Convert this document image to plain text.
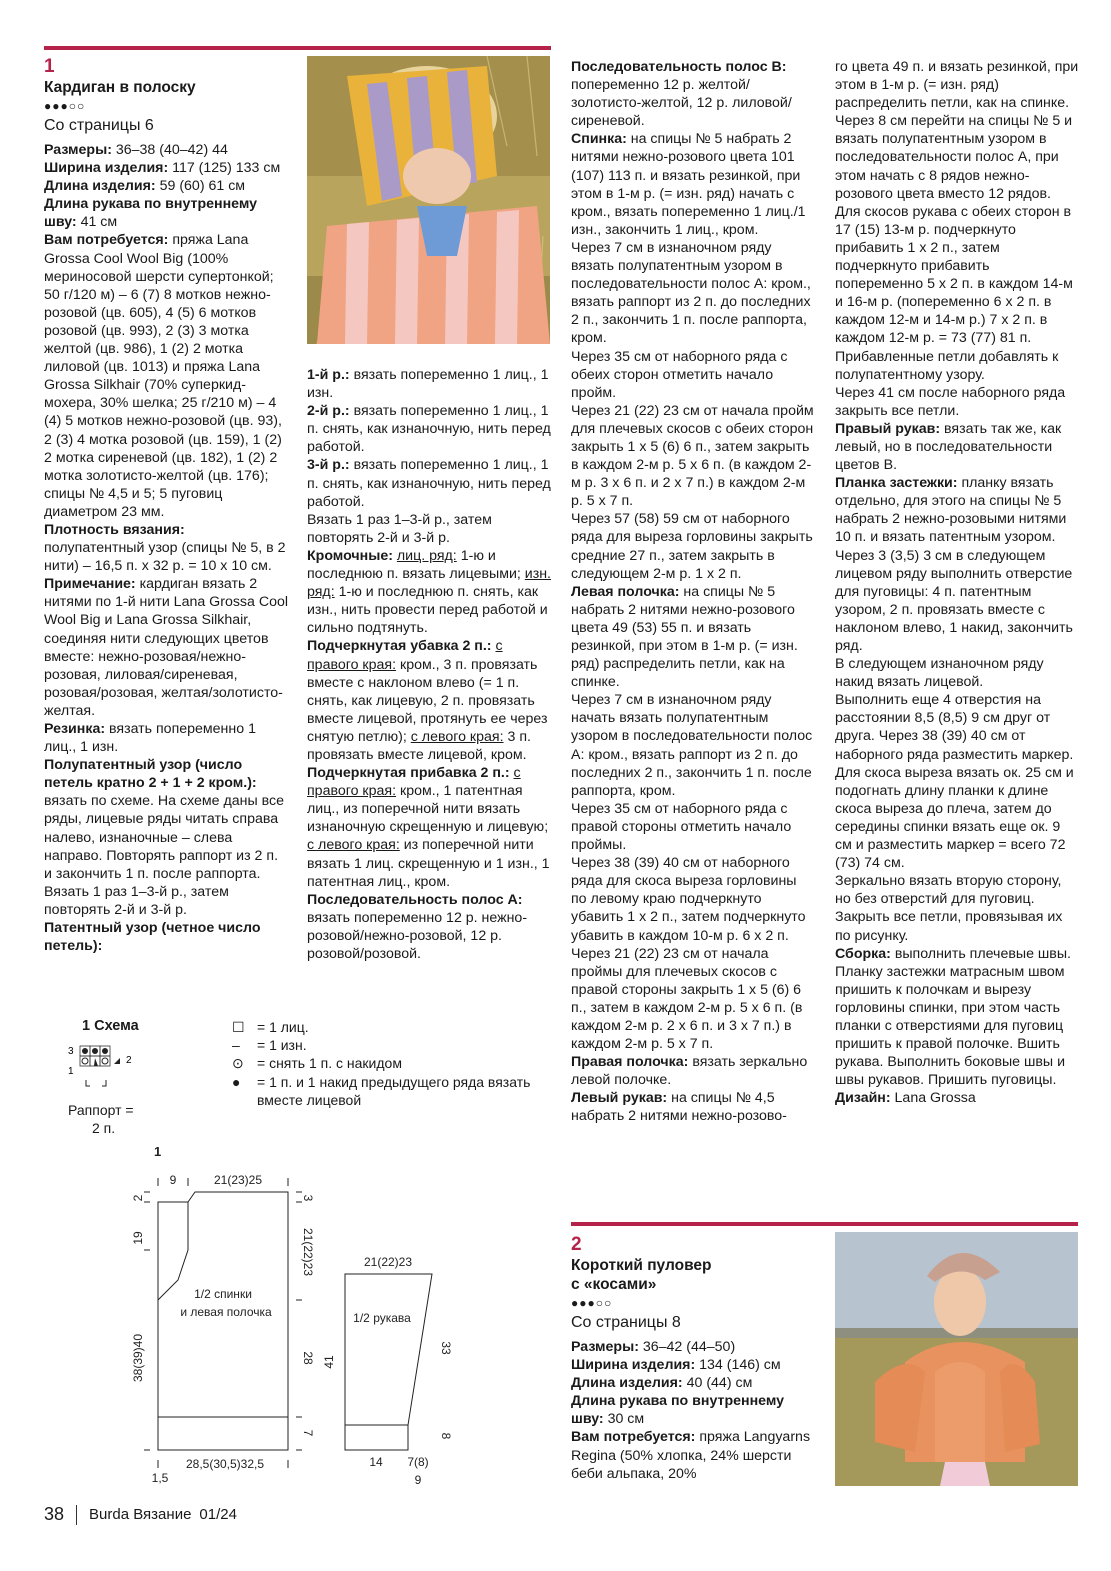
1

Кардиган в полоску

●●●○○

Со страницы 6

Размеры: 36–38 (40–42) 44

Ширина изделия: 117 (125) 133 см

Длина изделия: 59 (60) 61 см

Длина рукава по внутреннему шву: 41 см

Вам потребуется: пряжа Lana Grossa Cool Wool Big (100% мериносовой шерсти супертонкой; 50 г/120 м) – 6 (7) 8 мотков нежно-розовой (цв. 605), 4 (5) 6 мотков розовой (цв. 993), 2 (3) 3 мотка желтой (цв. 986), 1 (2) 2 мотка лиловой (цв. 1013) и пряжа Lana Grossa Silkhair (70% суперкид-мохера, 30% шелка; 25 г/210 м) – 4 (4) 5 мотков нежно-розовой (цв. 93), 2 (3) 4 мотка розовой (цв. 159), 1 (2) 2 мотка сиреневой (цв. 182), 1 (2) 2 мотка золотисто-желтой (цв. 176); спицы № 4,5 и 5; 5 пуговиц диаметром 23 мм.

Плотность вязания: полупатентный узор (спицы № 5, в 2 нити) – 16,5 п. х 32 р. = 10 х 10 см.

Примечание: кардиган вязать 2 нитями по 1-й нити Lana Grossa Cool Wool Big и Lana Grossa Silkhair, соединяя нити следующих цветов вместе: нежно-розовая/нежно-розовая, лиловая/сиреневая, розовая/розовая, желтая/золотисто-желтая.

Резинка: вязать попеременно 1 лиц., 1 изн.

Полупатентный узор (число петель кратно 2 + 1 + 2 кром.): вязать по схеме. На схеме даны все ряды, лицевые ряды читать справа налево, изнаночные – слева направо. Повторять раппорт из 2 п. и закончить 1 п. после раппорта. Вязать 1 раз 1–3-й р., затем повторять 2-й и 3-й р.

Патентный узор (четное число петель):

1-й р.: вязать попеременно 1 лиц., 1 изн.

2-й р.: вязать попеременно 1 лиц., 1 п. снять, как изнаночную, нить перед работой.

3-й р.: вязать попеременно 1 лиц., 1 п. снять, как изнаночную, нить перед работой.

Вязать 1 раз 1–3-й р., затем повторять 2-й и 3-й р.

Кромочные: лиц. ряд: 1-ю и последнюю п. вязать лицевыми; изн. ряд: 1-ю и последнюю п. снять, как изн., нить провести перед работой и сильно подтянуть.

Подчеркнутая убавка 2 п.: с правого края: кром., 3 п. провязать вместе с наклоном влево (= 1 п. снять, как лицевую, 2 п. провязать вместе лицевой, протянуть ее через снятую петлю); с левого края: 3 п. провязать вместе лицевой, кром.

Подчеркнутая прибавка 2 п.: с правого края: кром., 1 патентная лиц., из поперечной нити вязать изнаночную скрещенную и лицевую; с левого края: из поперечной нити вязать 1 лиц. скрещенную и 1 изн., 1 патентная лиц., кром.

Последовательность полос А: вязать попеременно 12 р. нежно-розовой/нежно-розовой, 12 р. розовой/розовой.

Последовательность полос В: попеременно 12 р. желтой/золотисто-желтой, 12 р. лиловой/сиреневой.

Спинка: на спицы № 5 набрать 2 нитями нежно-розового цвета 101 (107) 113 п. и вязать резинкой, при этом в 1-м р. (= изн. ряд) начать с кром., вязать попеременно 1 лиц./1 изн., закончить 1 лиц., кром.

Через 7 см в изнаночном ряду вязать полупатентным узором в последовательности полос А: кром., вязать раппорт из 2 п. до последних 2 п., закончить 1 п. после раппорта, кром.

Через 35 см от наборного ряда с обеих сторон отметить начало пройм.

Через 21 (22) 23 см от начала пройм для плечевых скосов с обеих сторон закрыть 1 х 5 (6) 6 п., затем закрыть в каждом 2-м р. 5 х 6 п. (в каждом 2-м р. 3 х 6 п. и 2 х 7 п.) в каждом 2-м р. 5 х 7 п.

Через 57 (58) 59 см от наборного ряда для выреза горловины закрыть средние 27 п., затем закрыть в следующем 2-м р. 1 х 2 п.

Левая полочка: на спицы № 5 набрать 2 нитями нежно-розового цвета 49 (53) 55 п. и вязать резинкой, при этом в 1-м р. (= изн. ряд) распределить петли, как на спинке.

Через 7 см в изнаночном ряду начать вязать полупатентным узором в последовательности полос А: кром., вязать раппорт из 2 п. до последних 2 п., закончить 1 п. после раппорта, кром.

Через 35 см от наборного ряда с правой стороны отметить начало проймы.

Через 38 (39) 40 см от наборного ряда для скоса выреза горловины по левому краю подчеркнуто убавить 1 х 2 п., затем подчеркнуто убавить в каждом 10-м р. 6 х 2 п.

Через 21 (22) 23 см от начала проймы для плечевых скосов с правой стороны закрыть 1 х 5 (6) 6 п., затем в каждом 2-м р. 5 х 6 п. (в каждом 2-м р. 2 х 6 п. и 3 х 7 п.) в каждом 2-м р. 5 х 7 п.

Правая полочка: вязать зеркально левой полочке.

Левый рукав: на спицы № 4,5 набрать 2 нитями нежно-розово-

го цвета 49 п. и вязать резинкой, при этом в 1-м р. (= изн. ряд) распределить петли, как на спинке.

Через 8 см перейти на спицы № 5 и вязать полупатентным узором в последовательности полос А, при этом начать с 8 рядов нежно-розового цвета вместо 12 рядов.

Для скосов рукава с обеих сторон в 17 (15) 13-м р. подчеркнуто прибавить 1 х 2 п., затем подчеркнуто прибавить попеременно 5 х 2 п. в каждом 14-м и 16-м р. (попеременно 6 х 2 п. в каждом 12-м и 14-м р.) 7 х 2 п. в каждом 12-м р. = 73 (77) 81 п.

Прибавленные петли добавлять к полупатентному узору.

Через 41 см после наборного ряда закрыть все петли.

Правый рукав: вязать так же, как левый, но в последовательности цветов В.

Планка застежки: планку вязать отдельно, для этого на спицы № 5 набрать 2 нежно-розовыми нитями 10 п. и вязать патентным узором.

Через 3 (3,5) 3 см в следующем лицевом ряду выполнить отверстие для пуговицы: 4 п. патентным узором, 2 п. провязать вместе с наклоном влево, 1 накид, закончить ряд.

В следующем изнаночном ряду накид вязать лицевой.

Выполнить еще 4 отверстия на расстоянии 8,5 (8,5) 9 см друг от друга. Через 38 (39) 40 см от наборного ряда разместить маркер. Для скоса выреза вязать ок. 25 см и подогнать длину планки к длине скоса выреза до плеча, затем до середины спинки вязать еще ок. 9 см и разместить маркер = всего 72 (73) 74 см.

Зеркально вязать вторую сторону, но без отверстий для пуговиц. Закрыть все петли, провязывая их по рисунку.

Сборка: выполнить плечевые швы. Планку застежки матрасным швом пришить к полочкам и вырезу горловины спинки, при этом часть планки с отверстиями для пуговиц пришить к правой полочке. Вшить рукава. Выполнить боковые швы и швы рукавов. Пришить пуговицы.

Дизайн: Lana Grossa

1 Схема
3
1
2
Раппорт =
2 п.
☐ = 1 лиц.
–	= 1 изн.
⊙ = снять 1 п. с накидом
●	= 1 п. и 1 накид предыдущего ряда вязать вместе лицевой
1
1/2 спинки
и левая полочка
9	21(23)25
2
19
38(39)40
3
21(22)23
28
7
28,5(30,5)32,5
1,5
1/2 рукава
21(22)23
41
33
8
14 7(8)
9

2

Короткий пуловер

с «косами»

●●●○○

Со страницы 8

Размеры: 36–42 (44–50)

Ширина изделия: 134 (146) см

Длина изделия: 40 (44) см

Длина рукава по внутреннему шву: 30 см

Вам потребуется: пряжа Langyarns Regina (50% хлопка, 24% шерсти беби альпака, 20%

38 Burda Вязание 01/24
